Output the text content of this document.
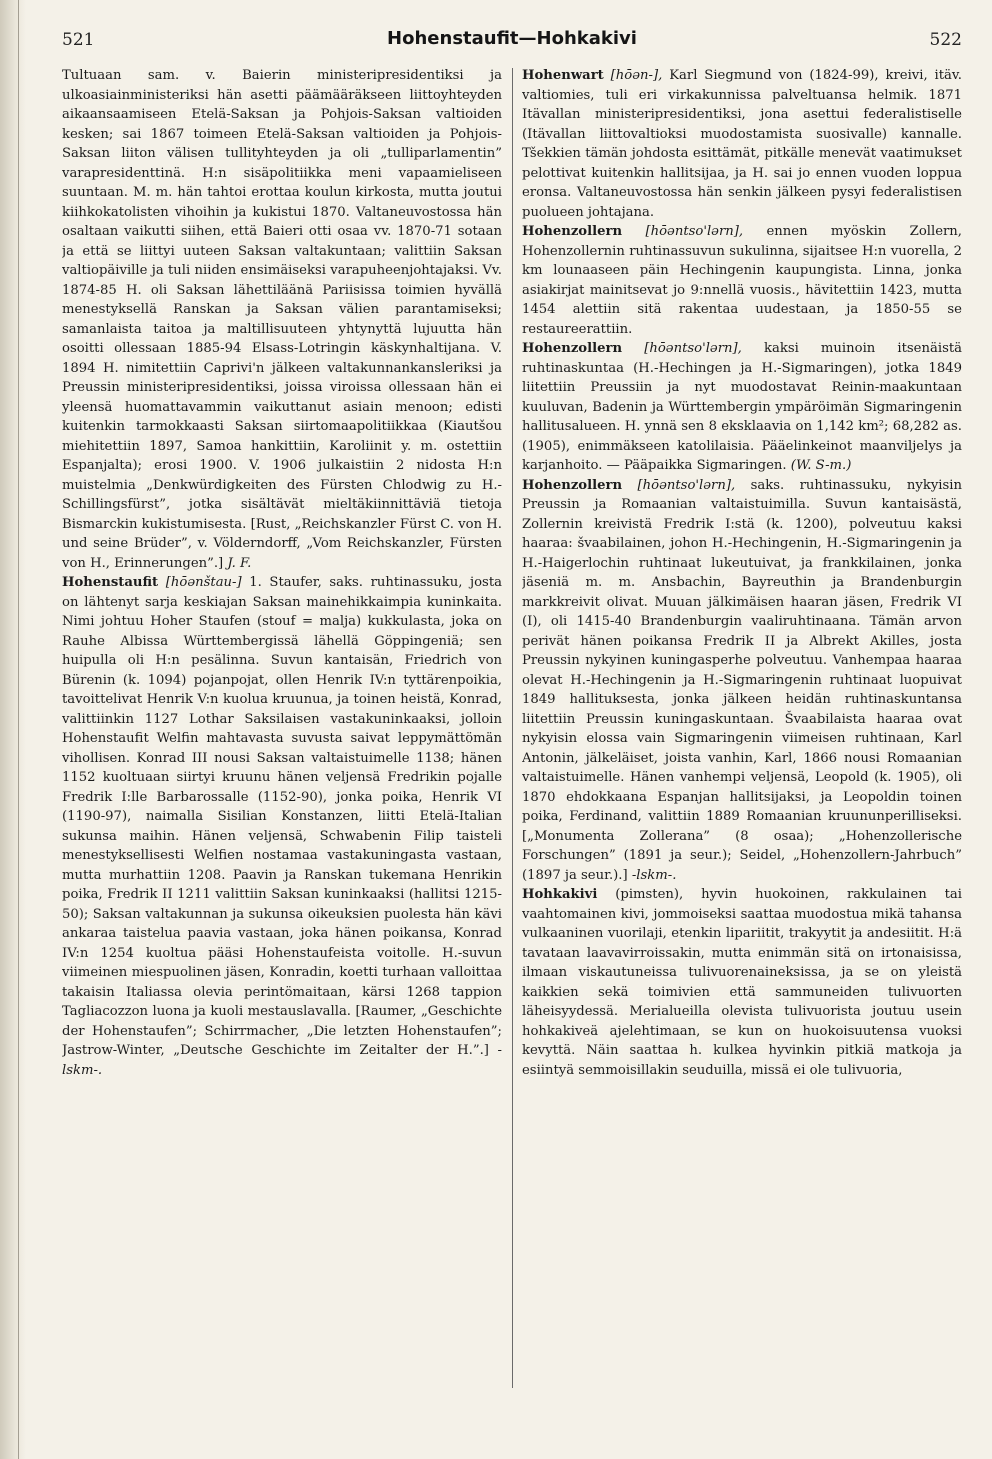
521	Hohenstaufit—Hohkakivi	522

Tultuaan sam. v. Baierin ministeripresidentiksi ja ulkoasiainministeriksi hän asetti päämääräkseen liittoyhteyden aikaansaamiseen Etelä-Saksan ja Pohjois-Saksan valtioiden kesken; sai 1867 toimeen Etelä-Saksan valtioiden ja Pohjois-Saksan liiton välisen tullityhteyden ja oli „tulliparlamentin” varapresidenttinä. H:n sisäpolitiikka meni vapaamieliseen suuntaan. M. m. hän tahtoi erottaa koulun kirkosta, mutta joutui kiihkokatolisten vihoihin ja kukistui 1870. Valtaneuvostossa hän osaltaan vaikutti siihen, että Baieri otti osaa vv. 1870-71 sotaan ja että se liittyi uuteen Saksan valtakuntaan; valittiin Saksan valtiopäiville ja tuli niiden ensimäiseksi varapuheenjohtajaksi. Vv. 1874-85 H. oli Saksan lähettiläänä Pariisissa toimien hyvällä menestyksellä Ranskan ja Saksan välien parantamiseksi; samanlaista taitoa ja maltillisuuteen yhtynyttä lujuutta hän osoitti ollessaan 1885-94 Elsass-Lotringin käskynhaltijana. V. 1894 H. nimitettiin Caprivi'n jälkeen valtakunnankansleriksi ja Preussin ministeripresidentiksi, joissa viroissa ollessaan hän ei yleensä huomattavammin vaikuttanut asiain menoon; edisti kuitenkin tarmokkaasti Saksan siirtomaapolitiikkaa (Kiautšou miehitettiin 1897, Samoa hankittiin, Karoliinit y. m. ostettiin Espanjalta); erosi 1900. V. 1906 julkaistiin 2 nidosta H:n muistelmia „Denkwürdigkeiten des Fürsten Chlodwig zu H.-Schillingsfürst”, jotka sisältävät mieltäkiinnittäviä tietoja Bismarckin kukistumisesta. [Rust, „Reichskanzler Fürst C. von H. und seine Brüder”, v. Völderndorff, „Vom Reichskanzler, Fürsten von H., Erinnerungen”.] J. F.

Hohenstaufit [hōənštau-] 1. Staufer, saks. ruhtinassuku, josta on lähtenyt sarja keskiajan Saksan mainehikkaimpia kuninkaita. Nimi johtuu Hoher Staufen (stouf = malja) kukkulasta, joka on Rauhe Albissa Württembergissä lähellä Göppingeniä; sen huipulla oli H:n pesälinna. Suvun kantaisän, Friedrich von Bürenin (k. 1094) pojanpojat, ollen Henrik IV:n tyttärenpoikia, tavoittelivat Henrik V:n kuolua kruunua, ja toinen heistä, Konrad, valittiinkin 1127 Lothar Saksilaisen vastakuninkaaksi, jolloin Hohenstaufit Welfin mahtavasta suvusta saivat leppymättömän vihollisen. Konrad III nousi Saksan valtaistuimelle 1138; hänen 1152 kuoltuaan siirtyi kruunu hänen veljensä Fredrikin pojalle Fredrik I:lle Barbarossalle (1152-90), jonka poika, Henrik VI (1190-97), naimalla Sisilian Konstanzen, liitti Etelä-Italian sukunsa maihin. Hänen veljensä, Schwabenin Filip taisteli menestyksellisesti Welfien nostamaa vastakuningasta vastaan, mutta murhattiin 1208. Paavin ja Ranskan tukemana Henrikin poika, Fredrik II 1211 valittiin Saksan kuninkaaksi (hallitsi 1215-50); Saksan valtakunnan ja sukunsa oikeuksien puolesta hän kävi ankaraa taistelua paavia vastaan, joka hänen poikansa, Konrad IV:n 1254 kuoltua pääsi Hohenstaufeista voitolle. H.-suvun viimeinen miespuolinen jäsen, Konradin, koetti turhaan valloittaa takaisin Italiassa olevia perintömaitaan, kärsi 1268 tappion Tagliacozzon luona ja kuoli mestauslavalla. [Raumer, „Geschichte der Hohenstaufen”; Schirrmacher, „Die letzten Hohenstaufen”; Jastrow-Winter, „Deutsche Geschichte im Zeitalter der H.”.] -lskm-.

Hohenwart [hōən-], Karl Siegmund von (1824-99), kreivi, itäv. valtiomies, tuli eri virkakunnissa palveltuansa helmik. 1871 Itävallan ministeripresidentiksi, jona asettui federalistiselle (Itävallan liittovaltioksi muodostamista suosivalle) kannalle. Tšekkien tämän johdosta esittämät, pitkälle menevät vaatimukset pelottivat kuitenkin hallitsijaa, ja H. sai jo ennen vuoden loppua eronsa. Valtaneuvostossa hän senkin jälkeen pysyi federalistisen puolueen johtajana.

Hohenzollern [hōəntso'lərn], ennen myöskin Zollern, Hohenzollernin ruhtinassuvun sukulinna, sijaitsee H:n vuorella, 2 km lounaaseen päin Hechingenin kaupungista. Linna, jonka asiakirjat mainitsevat jo 9:nnellä vuosis., hävitettiin 1423, mutta 1454 alettiin sitä rakentaa uudestaan, ja 1850-55 se restaureerattiin.

Hohenzollern [hōəntso'lərn], kaksi muinoin itsenäistä ruhtinaskuntaa (H.-Hechingen ja H.-Sigmaringen), jotka 1849 liitettiin Preussiin ja nyt muodostavat Reinin-maakuntaan kuuluvan, Badenin ja Württembergin ympäröimän Sigmaringenin hallitusalueen. H. ynnä sen 8 eksklaavia on 1,142 km²; 68,282 as. (1905), enimmäkseen katolilaisia. Pääelinkeinot maanviljelys ja karjanhoito. — Pääpaikka Sigmaringen. (W. S-m.)

Hohenzollern [hōəntso'lərn], saks. ruhtinassuku, nykyisin Preussin ja Romaanian valtaistuimilla. Suvun kantaisästä, Zollernin kreivistä Fredrik I:stä (k. 1200), polveutuu kaksi haaraa: švaabilainen, johon H.-Hechingenin, H.-Sigmaringenin ja H.-Haigerlochin ruhtinaat lukeutuivat, ja frankkilainen, jonka jäseniä m. m. Ansbachin, Bayreuthin ja Brandenburgin markkreivit olivat. Muuan jälkimäisen haaran jäsen, Fredrik VI (I), oli 1415-40 Brandenburgin vaaliruhtinaana. Tämän arvon perivät hänen poikansa Fredrik II ja Albrekt Akilles, josta Preussin nykyinen kuningasperhe polveutuu. Vanhempaa haaraa olevat H.-Hechingenin ja H.-Sigmaringenin ruhtinaat luopuivat 1849 hallituksesta, jonka jälkeen heidän ruhtinaskuntansa liitettiin Preussin kuningaskuntaan. Švaabilaista haaraa ovat nykyisin elossa vain Sigmaringenin viimeisen ruhtinaan, Karl Antonin, jälkeläiset, joista vanhin, Karl, 1866 nousi Romaanian valtaistuimelle. Hänen vanhempi veljensä, Leopold (k. 1905), oli 1870 ehdokkaana Espanjan hallitsijaksi, ja Leopoldin toinen poika, Ferdinand, valittiin 1889 Romaanian kruununperilliseksi. [„Monumenta Zollerana” (8 osaa); „Hohenzollerische Forschungen” (1891 ja seur.); Seidel, „Hohenzollern-Jahrbuch” (1897 ja seur.).] -lskm-.

Hohkakivi (pimsten), hyvin huokoinen, rakkulainen tai vaahtomainen kivi, jommoiseksi saattaa muodostua mikä tahansa vulkaaninen vuorilaji, etenkin lipariitit, trakyytit ja andesiitit. H:ä tavataan laavavirroissakin, mutta enimmän sitä on irtonaisissa, ilmaan viskautuneissa tulivuorenaineksissa, ja se on yleistä kaikkien sekä toimivien että sammuneiden tulivuorten läheisyydessä. Merialueilla olevista tulivuorista joutuu usein hohkakiveä ajelehtimaan, se kun on huokoisuutensa vuoksi kevyttä. Näin saattaa h. kulkea hyvinkin pitkiä matkoja ja esiintyä semmoisillakin seuduilla, missä ei ole tulivuoria,
